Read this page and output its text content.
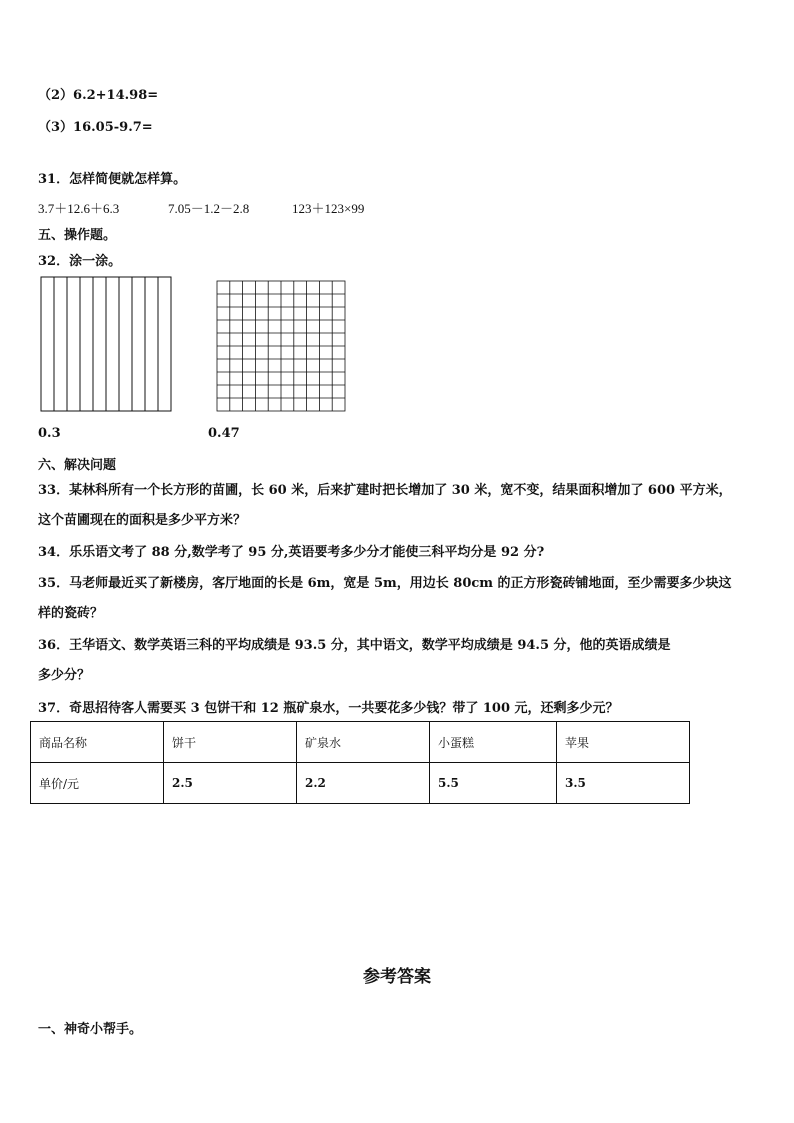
（2）6.2+14.98=
（3）16.05-9.7=
31．怎样简便就怎样算。
3.7＋12.6＋6.3	7.05－1.2－2.8	123＋123×99
五、操作题。
32．涂一涂。
0.3	0.47
六、解决问题
33．某林科所有一个长方形的苗圃，长 60 米，后来扩建时把长增加了 30 米，宽不变，结果面积增加了 600 平方米，
这个苗圃现在的面积是多少平方米？
34．乐乐语文考了 88 分,数学考了 95 分,英语要考多少分才能使三科平均分是 92 分?
35．马老师最近买了新楼房，客厅地面的长是 6m，宽是 5m，用边长 80cm 的正方形瓷砖铺地面，至少需要多少块这
样的瓷砖？
36．王华语文、数学英语三科的平均成绩是 93.5 分，其中语文，数学平均成绩是 94.5 分，他的英语成绩是
多少分？
37．奇思招待客人需要买 3 包饼干和 12 瓶矿泉水，一共要花多少钱？带了 100 元，还剩多少元？
商品名称	饼干	矿泉水	小蛋糕	苹果
单价/元	2.5	2.2	5.5	3.5
参考答案
一、神奇小帮手。
